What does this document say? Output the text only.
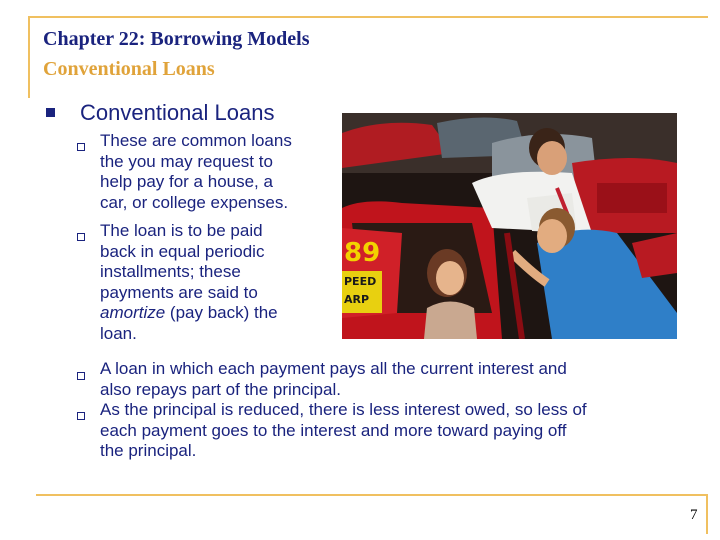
Chapter 22: Borrowing Models
Conventional Loans
Conventional Loans

These are common loans
the you may request to
help pay for a house, a
car, or college expenses.

The loan is to be paid
back in equal periodic
installments; these
payments are said to
amortize (pay back) the
loan.

A loan in which each payment pays all the current interest and
also repays part of the principal.

As the principal is reduced, there is less interest owed, so less of
each payment goes to the interest and more toward paying off
the principal.

89
PEED
ARP
7
